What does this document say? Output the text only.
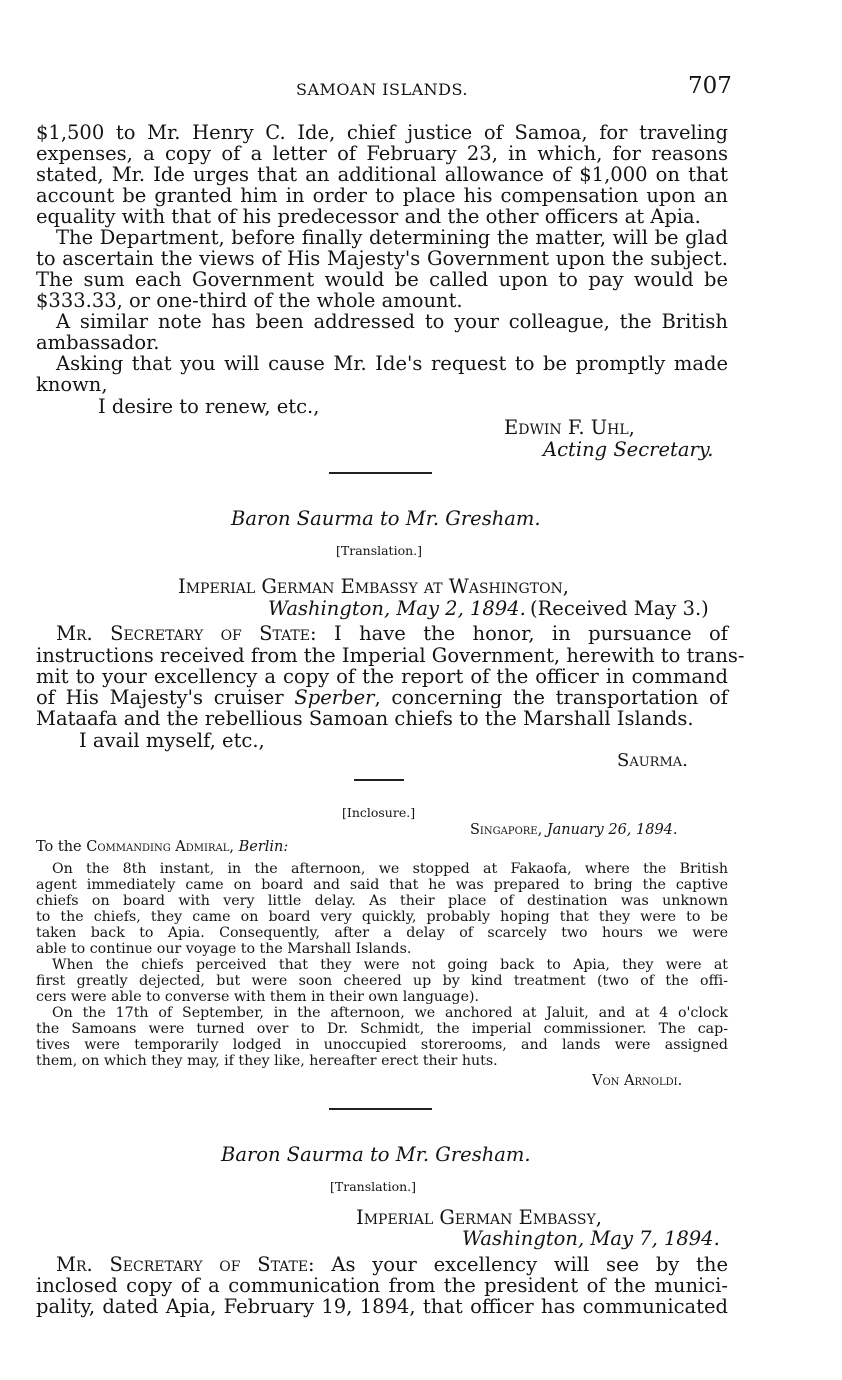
SAMOAN ISLANDS.	707
$1,500 to Mr. Henry C. Ide, chief justice of Samoa, for traveling
expenses, a copy of a letter of February 23, in which, for reasons
stated, Mr. Ide urges that an additional allowance of $1,000 on that
account be granted him in order to place his compensation upon an
equality with that of his predecessor and the other officers at Apia.
The Department, before finally determining the matter, will be glad
to ascertain the views of His Majesty's Government upon the subject.
The sum each Government would be called upon to pay would be
$333.33, or one-third of the whole amount.
A similar note has been addressed to your colleague, the British
ambassador.
Asking that you will cause Mr. Ide's request to be promptly made
known,
I desire to renew, etc.,
Edwin F. Uhl,
Acting Secretary.
Baron Saurma to Mr. Gresham.
[Translation.]
Imperial German Embassy at Washington,
Washington, May 2, 1894. (Received May 3.)
Mr. Secretary of State: I have the honor, in pursuance of
instructions received from the Imperial Government, herewith to trans-
mit to your excellency a copy of the report of the officer in command
of His Majesty's cruiser Sperber, concerning the transportation of
Mataafa and the rebellious Samoan chiefs to the Marshall Islands.
I avail myself, etc.,
Saurma.
[Inclosure.]
Singapore, January 26, 1894.
To the Commanding Admiral, Berlin:
On the 8th instant, in the afternoon, we stopped at Fakaofa, where the British
agent immediately came on board and said that he was prepared to bring the captive
chiefs on board with very little delay. As their place of destination was unknown
to the chiefs, they came on board very quickly, probably hoping that they were to be
taken back to Apia. Consequently, after a delay of scarcely two hours we were
able to continue our voyage to the Marshall Islands.
When the chiefs perceived that they were not going back to Apia, they were at
first greatly dejected, but were soon cheered up by kind treatment (two of the offi-
cers were able to converse with them in their own language).
On the 17th of September, in the afternoon, we anchored at Jaluit, and at 4 o'clock
the Samoans were turned over to Dr. Schmidt, the imperial commissioner. The cap-
tives were temporarily lodged in unoccupied storerooms, and lands were assigned
them, on which they may, if they like, hereafter erect their huts.
Von Arnoldi.
Baron Saurma to Mr. Gresham.
[Translation.]
Imperial German Embassy,
Washington, May 7, 1894.
Mr. Secretary of State: As your excellency will see by the
inclosed copy of a communication from the president of the munici-
pality, dated Apia, February 19, 1894, that officer has communicated
